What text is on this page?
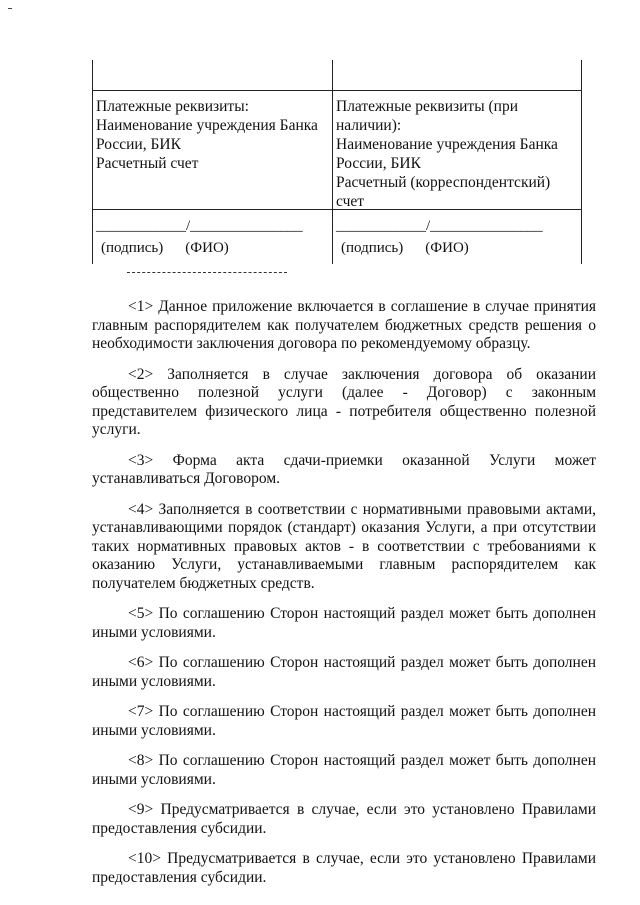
Платежные реквизиты:
Наименование учреждения Банка России, БИК
Расчетный счет
Платежные реквизиты (при наличии):
Наименование учреждения Банка России, БИК
Расчетный (корреспондентский) счет
____________/_______________
(подпись) (ФИО)
____________/_______________
(подпись) (ФИО)

<1> Данное приложение включается в соглашение в случае принятия главным распорядителем как получателем бюджетных средств решения о необходимости заключения договора по рекомендуемому образцу.

<2> Заполняется в случае заключения договора об оказании общественно полезной услуги (далее - Договор) с законным представителем физического лица - потребителя общественно полезной услуги.

<3> Форма акта сдачи-приемки оказанной Услуги может устанавливаться Договором.

<4> Заполняется в соответствии с нормативными правовыми актами, устанавливающими порядок (стандарт) оказания Услуги, а при отсутствии таких нормативных правовых актов - в соответствии с требованиями к оказанию Услуги, устанавливаемыми главным распорядителем как получателем бюджетных средств.

<5> По соглашению Сторон настоящий раздел может быть дополнен иными условиями.

<6> По соглашению Сторон настоящий раздел может быть дополнен иными условиями.

<7> По соглашению Сторон настоящий раздел может быть дополнен иными условиями.

<8> По соглашению Сторон настоящий раздел может быть дополнен иными условиями.

<9> Предусматривается в случае, если это установлено Правилами предоставления субсидии.

<10> Предусматривается в случае, если это установлено Правилами предоставления субсидии.
